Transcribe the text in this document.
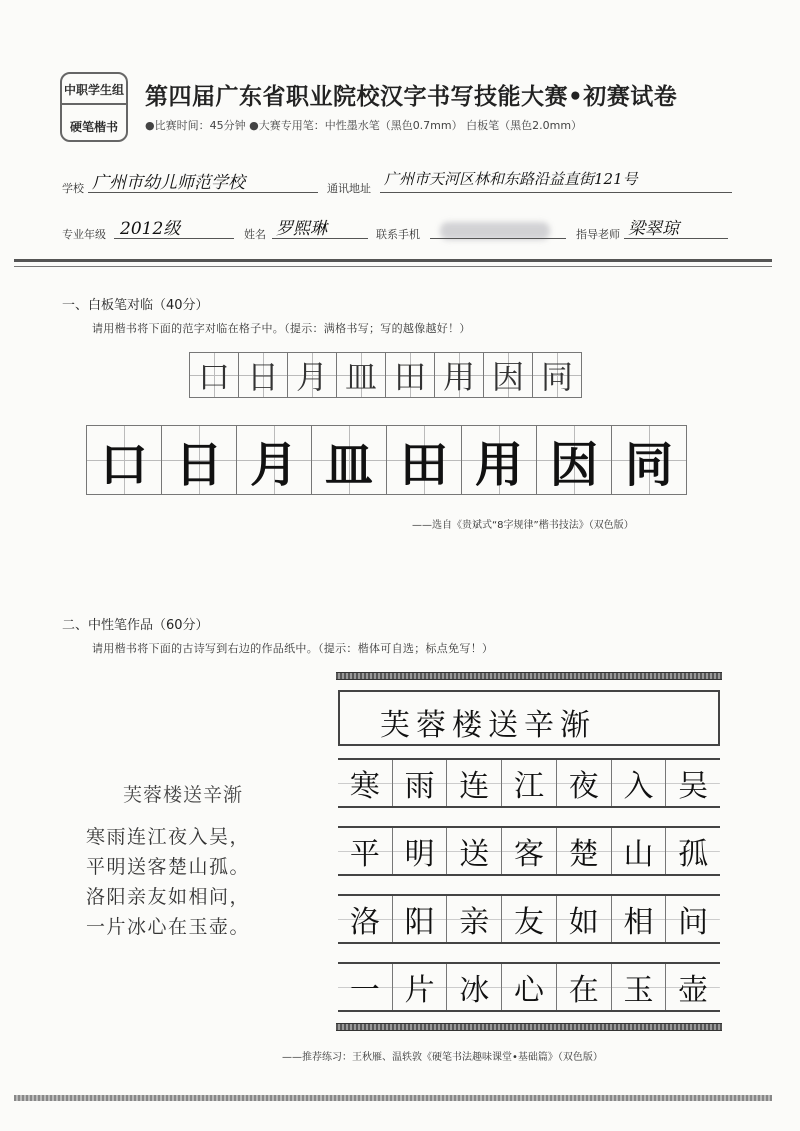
中职学生组
硬笔楷书
第四届广东省职业院校汉字书写技能大赛•初赛试卷
●比赛时间：45分钟 ●大赛专用笔：中性墨水笔（黑色0.7mm） 白板笔（黑色2.0mm）
学校 广州市幼儿师范学校	通讯地址
广州市天河区林和东路沿益直街121号
专业年级 2012级	姓名 罗熙琳	联系手机	指导老师 梁翠琼
一、白板笔对临（40分）
请用楷书将下面的范字对临在格子中。（提示：满格书写；写的越像越好！）
口 日 月 皿 田 用 因 同
口 日 月 皿 田 用 因 同
——选自《贵斌式“8字规律”楷书技法》（双色版）
二、中性笔作品（60分）
请用楷书将下面的古诗写到右边的作品纸中。（提示：楷体可自选；标点免写！）
芙蓉楼送辛渐
寒雨连江夜入吴，
平明送客楚山孤。
洛阳亲友如相问，
一片冰心在玉壶。
芙蓉楼送辛渐
寒 雨 连 江 夜 入 吴
平 明 送 客 楚 山 孤
洛 阳 亲 友 如 相 问
一 片 冰 心 在 玉 壶
——推荐练习：王秋雁、温轶敦《硬笔书法趣味课堂•基础篇》（双色版）
